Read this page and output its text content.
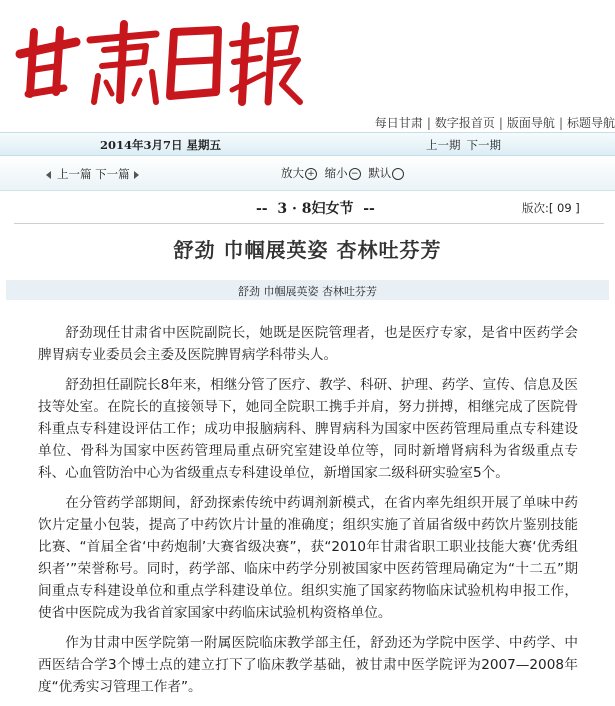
每日甘肃 | 数字报首页 | 版面导航 | 标题导航
2014年3月7日 星期五	上一期 下一期
上一篇 下一篇	放大 + 缩小 − 默认
--  3 · 8妇女节  --	版次:[ 09 ]
舒劲 巾帼展英姿 杏林吐芬芳
舒劲 巾帼展英姿 杏林吐芬芳

舒劲现任甘肃省中医院副院长，她既是医院管理者，也是医疗专家，是省中医药学会脾胃病专业委员会主委及医院脾胃病学科带头人。

舒劲担任副院长8年来，相继分管了医疗、教学、科研、护理、药学、宣传、信息及医技等处室。在院长的直接领导下，她同全院职工携手并肩，努力拼搏，相继完成了医院骨科重点专科建设评估工作；成功申报脑病科、脾胃病科为国家中医药管理局重点专科建设单位、骨科为国家中医药管理局重点研究室建设单位等，同时新增肾病科为省级重点专科、心血管防治中心为省级重点专科建设单位，新增国家二级科研实验室5个。

在分管药学部期间，舒劲探索传统中药调剂新模式，在省内率先组织开展了单味中药饮片定量小包装，提高了中药饮片计量的准确度；组织实施了首届省级中药饮片鉴别技能比赛、“首届全省‘中药炮制’大赛省级决赛”，获“2010年甘肃省职工职业技能大赛‘优秀组织者’”荣誉称号。同时，药学部、临床中药学分别被国家中医药管理局确定为“十二五”期间重点专科建设单位和重点学科建设单位。组织实施了国家药物临床试验机构申报工作，使省中医院成为我省首家国家中药临床试验机构资格单位。

作为甘肃中医学院第一附属医院临床教学部主任，舒劲还为学院中医学、中药学、中西医结合学3个博士点的建立打下了临床教学基础，被甘肃中医学院评为2007—2008年度“优秀实习管理工作者”。
